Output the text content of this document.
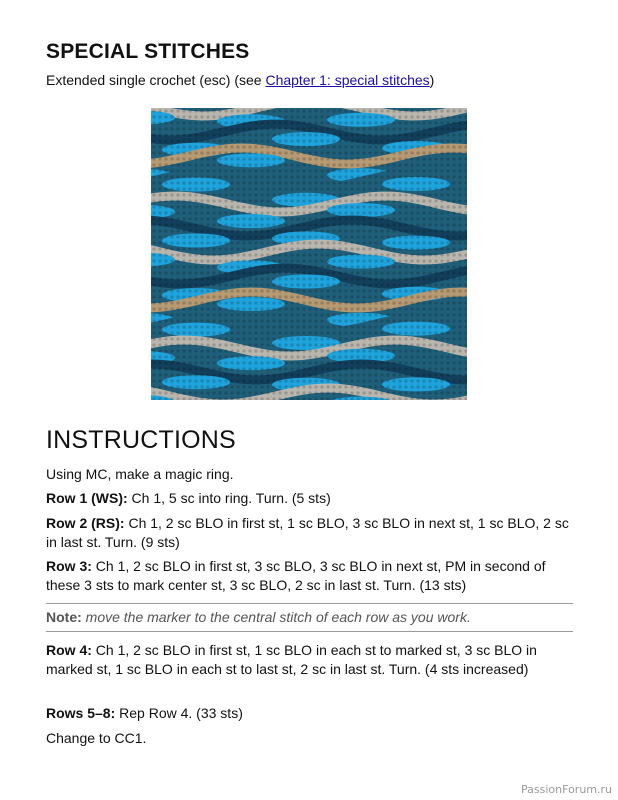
SPECIAL STITCHES
Extended single crochet (esc) (see Chapter 1: special stitches)
INSTRUCTIONS
Using MC, make a magic ring.
Row 1 (WS): Ch 1, 5 sc into ring. Turn. (5 sts)
Row 2 (RS): Ch 1, 2 sc BLO in first st, 1 sc BLO, 3 sc BLO in next st, 1 sc BLO, 2 sc in last st. Turn. (9 sts)
Row 3: Ch 1, 2 sc BLO in first st, 3 sc BLO, 3 sc BLO in next st, PM in second of these 3 sts to mark center st, 3 sc BLO, 2 sc in last st. Turn. (13 sts)
Note: move the marker to the central stitch of each row as you work.
Row 4: Ch 1, 2 sc BLO in first st, 1 sc BLO in each st to marked st, 3 sc BLO in marked st, 1 sc BLO in each st to last st, 2 sc in last st. Turn. (4 sts increased)
Rows 5–8: Rep Row 4. (33 sts)
Change to CC1.
PassionForum.ru
